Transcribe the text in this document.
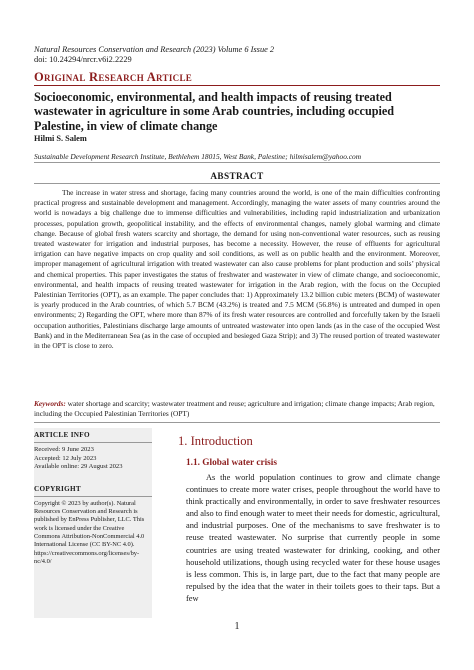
Natural Resources Conservation and Research (2023) Volume 6 Issue 2
doi: 10.24294/nrcr.v6i2.2229
Original Research Article
Socioeconomic, environmental, and health impacts of reusing treated wastewater in agriculture in some Arab countries, including occupied Palestine, in view of climate change
Hilmi S. Salem
Sustainable Development Research Institute, Bethlehem 18015, West Bank, Palestine; hilmisalem@yahoo.com
ABSTRACT
The increase in water stress and shortage, facing many countries around the world, is one of the main difficulties confronting practical progress and sustainable development and management. Accordingly, managing the water assets of many countries around the world is nowadays a big challenge due to immense difficulties and vulnerabilities, including rapid industrialization and urbanization processes, population growth, geopolitical instability, and the effects of environmental changes, namely global warming and climate change. Because of global fresh waters scarcity and shortage, the demand for using non-conventional water resources, such as reusing treated wastewater for irrigation and industrial purposes, has become a necessity. However, the reuse of effluents for agricultural irrigation can have negative impacts on crop quality and soil conditions, as well as on public health and the environment. Moreover, improper management of agricultural irrigation with treated wastewater can also cause problems for plant production and soils’ physical and chemical properties. This paper investigates the status of freshwater and wastewater in view of climate change, and socioeconomic, environmental, and health impacts of reusing treated wastewater for irrigation in the Arab region, with the focus on the Occupied Palestinian Territories (OPT), as an example. The paper concludes that: 1) Approximately 13.2 billion cubic meters (BCM) of wastewater is yearly produced in the Arab countries, of which 5.7 BCM (43.2%) is treated and 7.5 MCM (56.8%) is untreated and dumped in open environments; 2) Regarding the OPT, where more than 87% of its fresh water resources are controlled and forcefully taken by the Israeli occupation authorities, Palestinians discharge large amounts of untreated wastewater into open lands (as in the case of the occupied West Bank) and in the Mediterranean Sea (as in the case of occupied and besieged Gaza Strip); and 3) The reused portion of treated wastewater in the OPT is close to zero.
Keywords: water shortage and scarcity; wastewater treatment and reuse; agriculture and irrigation; climate change impacts; Arab region, including the Occupied Palestinian Territories (OPT)
ARTICLE INFO
Received: 9 June 2023
Accepted: 12 July 2023
Available online: 29 August 2023
COPYRIGHT
Copyright © 2023 by author(s). Natural Resources Conservation and Research is published by EnPress Publisher, LLC. This work is licensed under the Creative Commons Attribution-NonCommercial 4.0 International License (CC BY-NC 4.0). https://creativecommons.org/licenses/by-nc/4.0/
1. Introduction
1.1. Global water crisis
As the world population continues to grow and climate change continues to create more water crises, people throughout the world have to think practically and environmentally, in order to save freshwater resources and also to find enough water to meet their needs for domestic, agricultural, and industrial purposes. One of the mechanisms to save freshwater is to reuse treated wastewater. No surprise that currently people in some countries are using treated wastewater for drinking, cooking, and other household utilizations, though using recycled water for these house usages is less common. This is, in large part, due to the fact that many people are repulsed by the idea that the water in their toilets goes to their taps. But a few
1
